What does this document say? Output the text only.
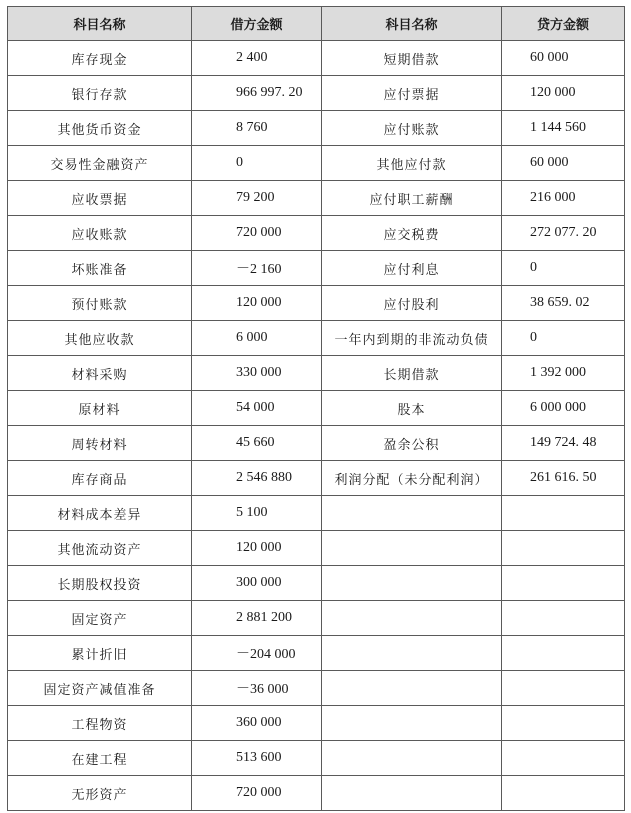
科目名称	借方金额	科目名称	贷方金额
库存现金	2 400	短期借款	60 000
银行存款	966 997. 20	应付票据	120 000
其他货币资金	8 760	应付账款	1 144 560
交易性金融资产	0	其他应付款	60 000
应收票据	79 200	应付职工薪酬	216 000
应收账款	720 000	应交税费	272 077. 20
坏账准备	－2 160	应付利息	0
预付账款	120 000	应付股利	38 659. 02
其他应收款	6 000	一年内到期的非流动负债	0
材料采购	330 000	长期借款	1 392 000
原材料	54 000	股本	6 000 000
周转材料	45 660	盈余公积	149 724. 48
库存商品	2 546 880	利润分配（未分配利润）	261 616. 50
材料成本差异	5 100		
其他流动资产	120 000		
长期股权投资	300 000		
固定资产	2 881 200		
累计折旧	－204 000		
固定资产减值准备	－36 000		
工程物资	360 000		
在建工程	513 600		
无形资产	720 000		
